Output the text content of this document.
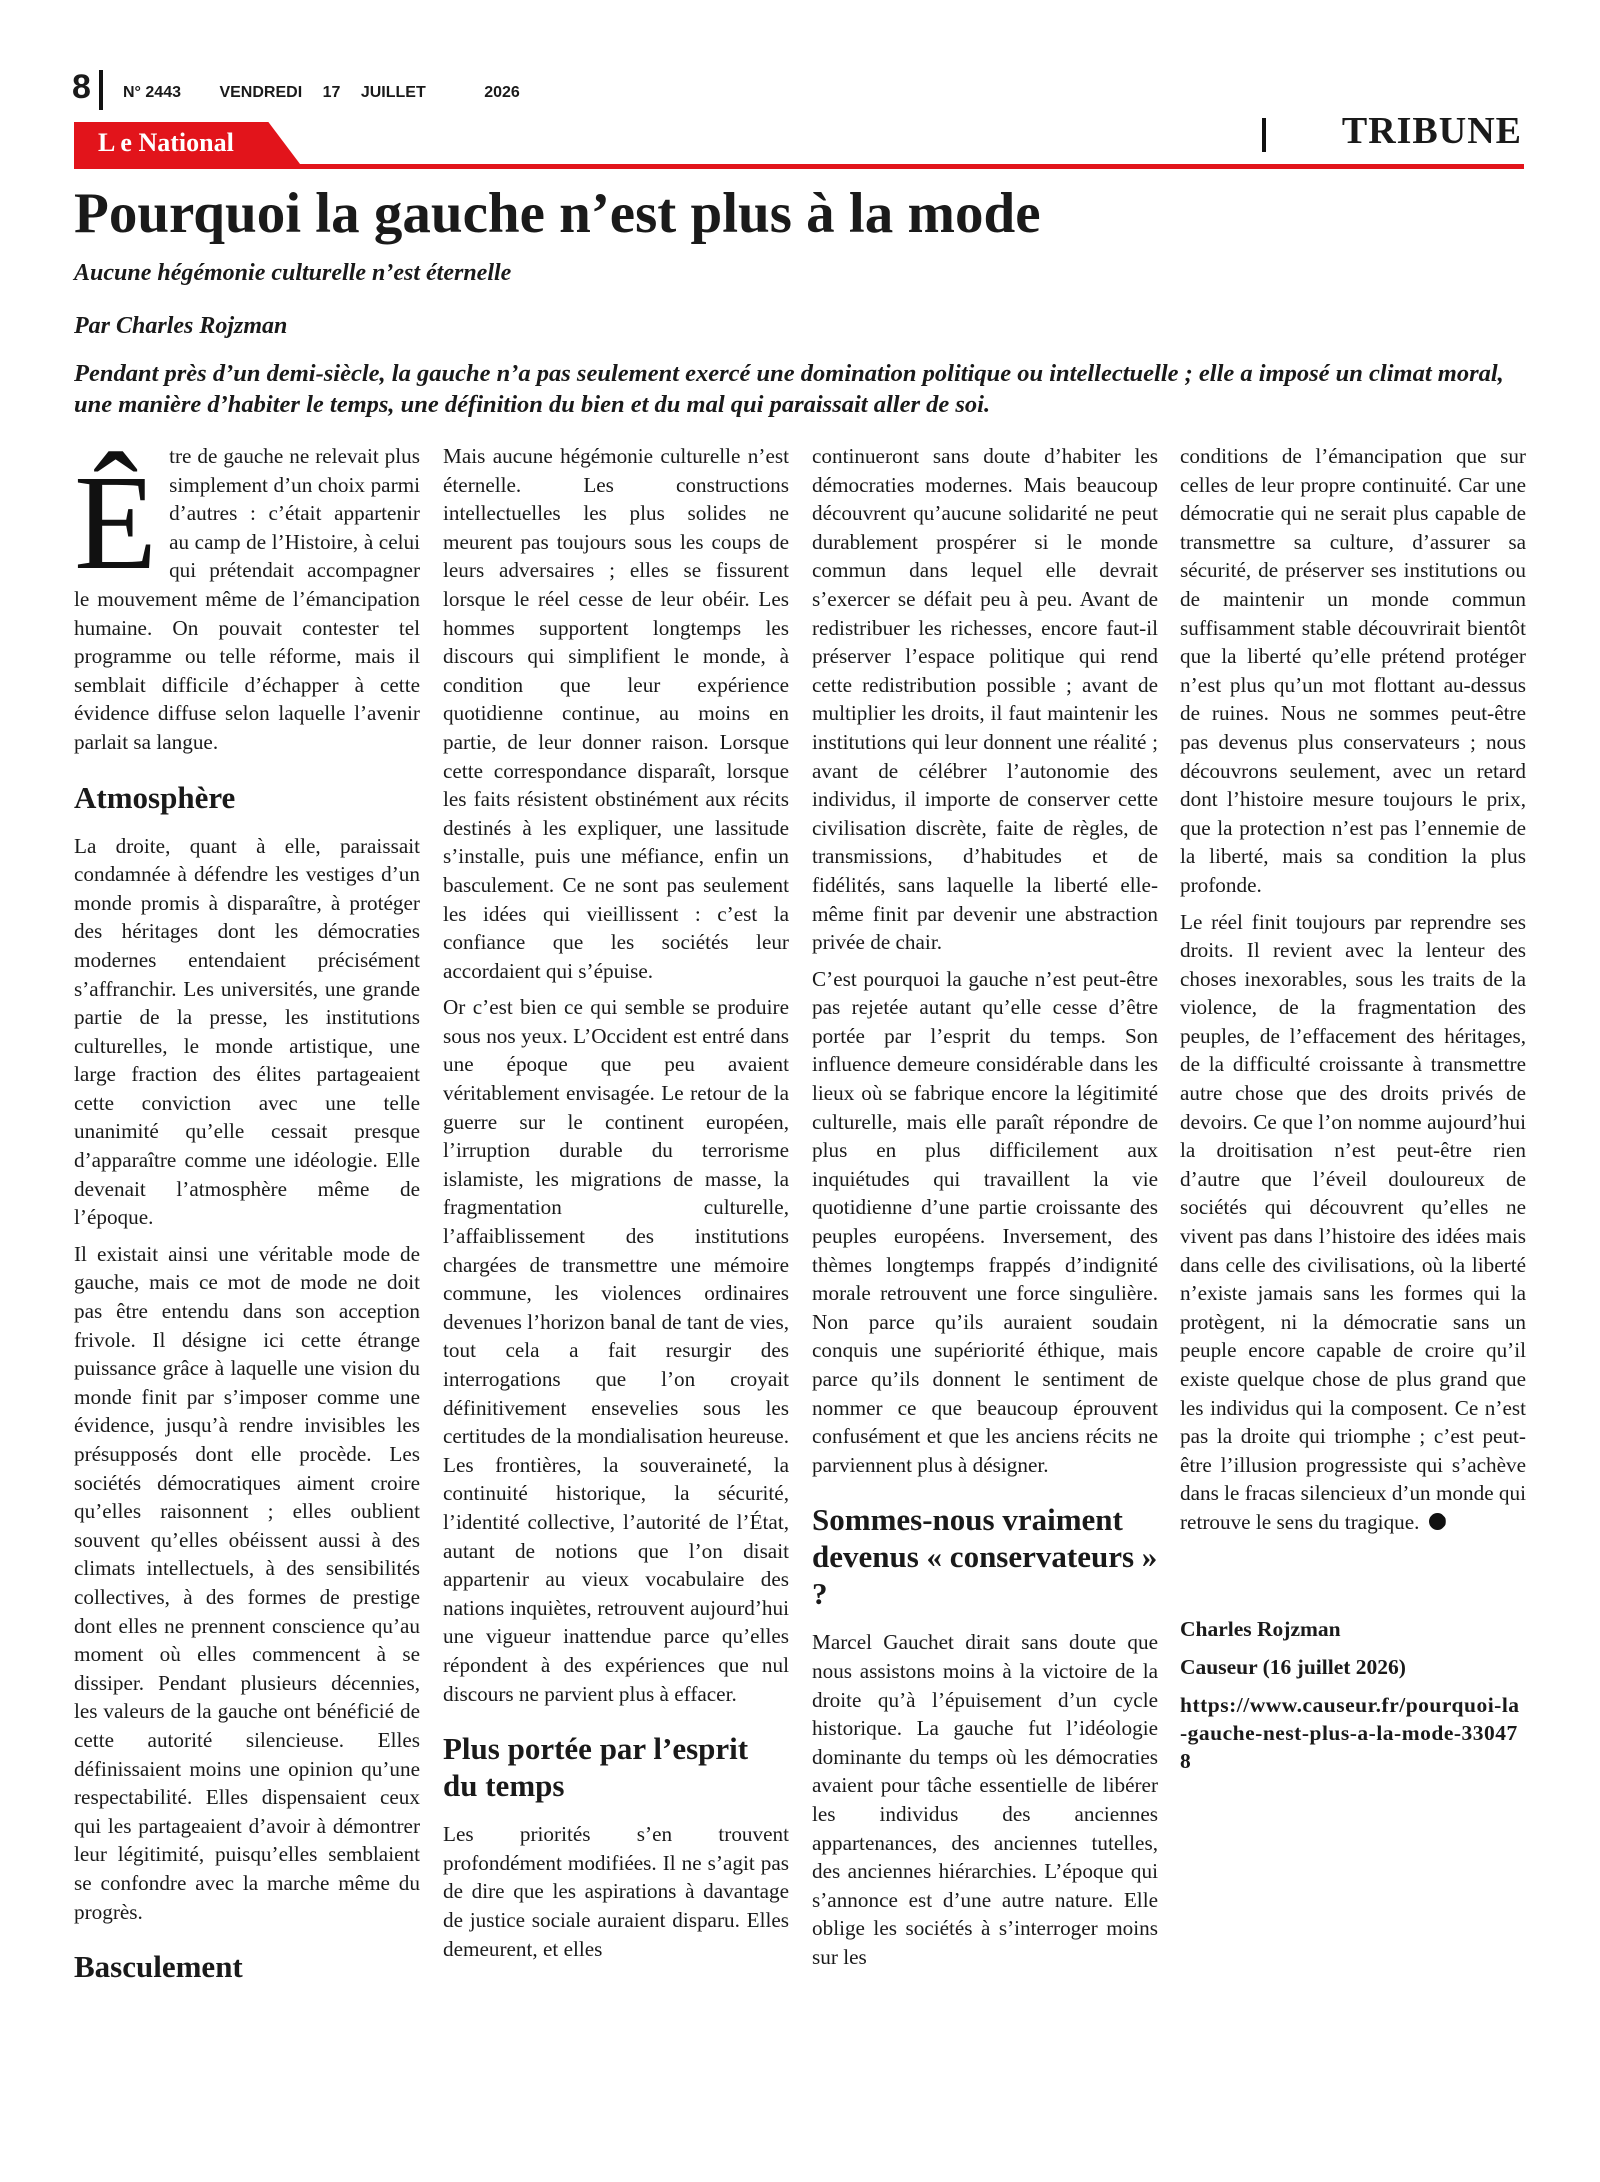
8 N° 2443 VENDREDI 17 JUILLET	2026
L e National	TRIBUNE
Pourquoi la gauche n’est plus à la mode
Aucune hégémonie culturelle n’est éternelle
Par Charles Rojzman

Pendant près d’un demi-siècle, la gauche n’a pas seulement exercé une domination politique ou intellectuelle ; elle a imposé un climat moral, une manière d’habiter le temps, une définition du bien et du mal qui paraissait aller de soi.

Être de gauche ne relevait plus simplement d’un choix parmi d’autres : c’était appartenir au camp de l’Histoire, à celui qui prétendait accompagner le mouvement même de l’émancipation humaine. On pouvait contester tel programme ou telle réforme, mais il semblait difficile d’échapper à cette évidence diffuse selon laquelle l’avenir parlait sa langue.

Atmosphère

La droite, quant à elle, paraissait condamnée à défendre les vestiges d’un monde promis à disparaître, à protéger des héritages dont les démocraties modernes entendaient précisément s’affranchir. Les universités, une grande partie de la presse, les institutions culturelles, le monde artistique, une large fraction des élites partageaient cette conviction avec une telle unanimité qu’elle cessait presque d’apparaître comme une idéologie. Elle devenait l’atmosphère même de l’époque.

Il existait ainsi une véritable mode de gauche, mais ce mot de mode ne doit pas être entendu dans son acception frivole. Il désigne ici cette étrange puissance grâce à laquelle une vision du monde finit par s’imposer comme une évidence, jusqu’à rendre invisibles les présupposés dont elle procède. Les sociétés démocratiques aiment croire qu’elles raisonnent ; elles oublient souvent qu’elles obéissent aussi à des climats intellectuels, à des sensibilités collectives, à des formes de prestige dont elles ne prennent conscience qu’au moment où elles commencent à se dissiper. Pendant plusieurs décennies, les valeurs de la gauche ont bénéficié de cette autorité silencieuse. Elles définissaient moins une opinion qu’une respectabilité. Elles dispensaient ceux qui les partageaient d’avoir à démontrer leur légitimité, puisqu’elles semblaient se confondre avec la marche même du progrès.

Basculement

Mais aucune hégémonie culturelle n’est éternelle. Les constructions intellectuelles les plus solides ne meurent pas toujours sous les coups de leurs adversaires ; elles se fissurent lorsque le réel cesse de leur obéir. Les hommes supportent longtemps les discours qui simplifient le monde, à condition que leur expérience quotidienne continue, au moins en partie, de leur donner raison. Lorsque cette correspondance disparaît, lorsque les faits résistent obstinément aux récits destinés à les expliquer, une lassitude s’installe, puis une méfiance, enfin un basculement. Ce ne sont pas seulement les idées qui vieillissent : c’est la confiance que les sociétés leur accordaient qui s’épuise.

Or c’est bien ce qui semble se produire sous nos yeux. L’Occident est entré dans une époque que peu avaient véritablement envisagée. Le retour de la guerre sur le continent européen, l’irruption durable du terrorisme islamiste, les migrations de masse, la fragmentation culturelle, l’affaiblissement des institutions chargées de transmettre une mémoire commune, les violences ordinaires devenues l’horizon banal de tant de vies, tout cela a fait resurgir des interrogations que l’on croyait définitivement ensevelies sous les certitudes de la mondialisation heureuse. Les frontières, la souveraineté, la continuité historique, la sécurité, l’identité collective, l’autorité de l’État, autant de notions que l’on disait appartenir au vieux vocabulaire des nations inquiètes, retrouvent aujourd’hui une vigueur inattendue parce qu’elles répondent à des expériences que nul discours ne parvient plus à effacer.

Plus portée par l’esprit du temps

Les priorités s’en trouvent profondément modifiées. Il ne s’agit pas de dire que les aspirations à davantage de justice sociale auraient disparu. Elles demeurent, et elles

continueront sans doute d’habiter les démocraties modernes. Mais beaucoup découvrent qu’aucune solidarité ne peut durablement prospérer si le monde commun dans lequel elle devrait s’exercer se défait peu à peu. Avant de redistribuer les richesses, encore faut-il préserver l’espace politique qui rend cette redistribution possible ; avant de multiplier les droits, il faut maintenir les institutions qui leur donnent une réalité ; avant de célébrer l’autonomie des individus, il importe de conserver cette civilisation discrète, faite de règles, de transmissions, d’habitudes et de fidélités, sans laquelle la liberté elle-même finit par devenir une abstraction privée de chair.

C’est pourquoi la gauche n’est peut-être pas rejetée autant qu’elle cesse d’être portée par l’esprit du temps. Son influence demeure considérable dans les lieux où se fabrique encore la légitimité culturelle, mais elle paraît répondre de plus en plus difficilement aux inquiétudes qui travaillent la vie quotidienne d’une partie croissante des peuples européens. Inversement, des thèmes longtemps frappés d’indignité morale retrouvent une force singulière. Non parce qu’ils auraient soudain conquis une supériorité éthique, mais parce qu’ils donnent le sentiment de nommer ce que beaucoup éprouvent confusément et que les anciens récits ne parviennent plus à désigner.

Sommes-nous vraiment devenus « conservateurs » ?

Marcel Gauchet dirait sans doute que nous assistons moins à la victoire de la droite qu’à l’épuisement d’un cycle historique. La gauche fut l’idéologie dominante du temps où les démocraties avaient pour tâche essentielle de libérer les individus des anciennes appartenances, des anciennes tutelles, des anciennes hiérarchies. L’époque qui s’annonce est d’une autre nature. Elle oblige les sociétés à s’interroger moins sur les

conditions de l’émancipation que sur celles de leur propre continuité. Car une démocratie qui ne serait plus capable de transmettre sa culture, d’assurer sa sécurité, de préserver ses institutions ou de maintenir un monde commun suffisamment stable découvrirait bientôt que la liberté qu’elle prétend protéger n’est plus qu’un mot flottant au-dessus de ruines. Nous ne sommes peut-être pas devenus plus conservateurs ; nous découvrons seulement, avec un retard dont l’histoire mesure toujours le prix, que la protection n’est pas l’ennemie de la liberté, mais sa condition la plus profonde.

Le réel finit toujours par reprendre ses droits. Il revient avec la lenteur des choses inexorables, sous les traits de la violence, de la fragmentation des peuples, de l’effacement des héritages, de la difficulté croissante à transmettre autre chose que des droits privés de devoirs. Ce que l’on nomme aujourd’hui la droitisation n’est peut-être rien d’autre que l’éveil douloureux de sociétés qui découvrent qu’elles ne vivent pas dans l’histoire des idées mais dans celle des civilisations, où la liberté n’existe jamais sans les formes qui la protègent, ni la démocratie sans un peuple encore capable de croire qu’il existe quelque chose de plus grand que les individus qui la composent. Ce n’est pas la droite qui triomphe ; c’est peut-être l’illusion progressiste qui s’achève dans le fracas silencieux d’un monde qui retrouve le sens du tragique.

Charles Rojzman

Causeur (16 juillet 2026)

https://www.causeur.fr/pourquoi-la-gauche-nest-plus-a-la-mode-330478
